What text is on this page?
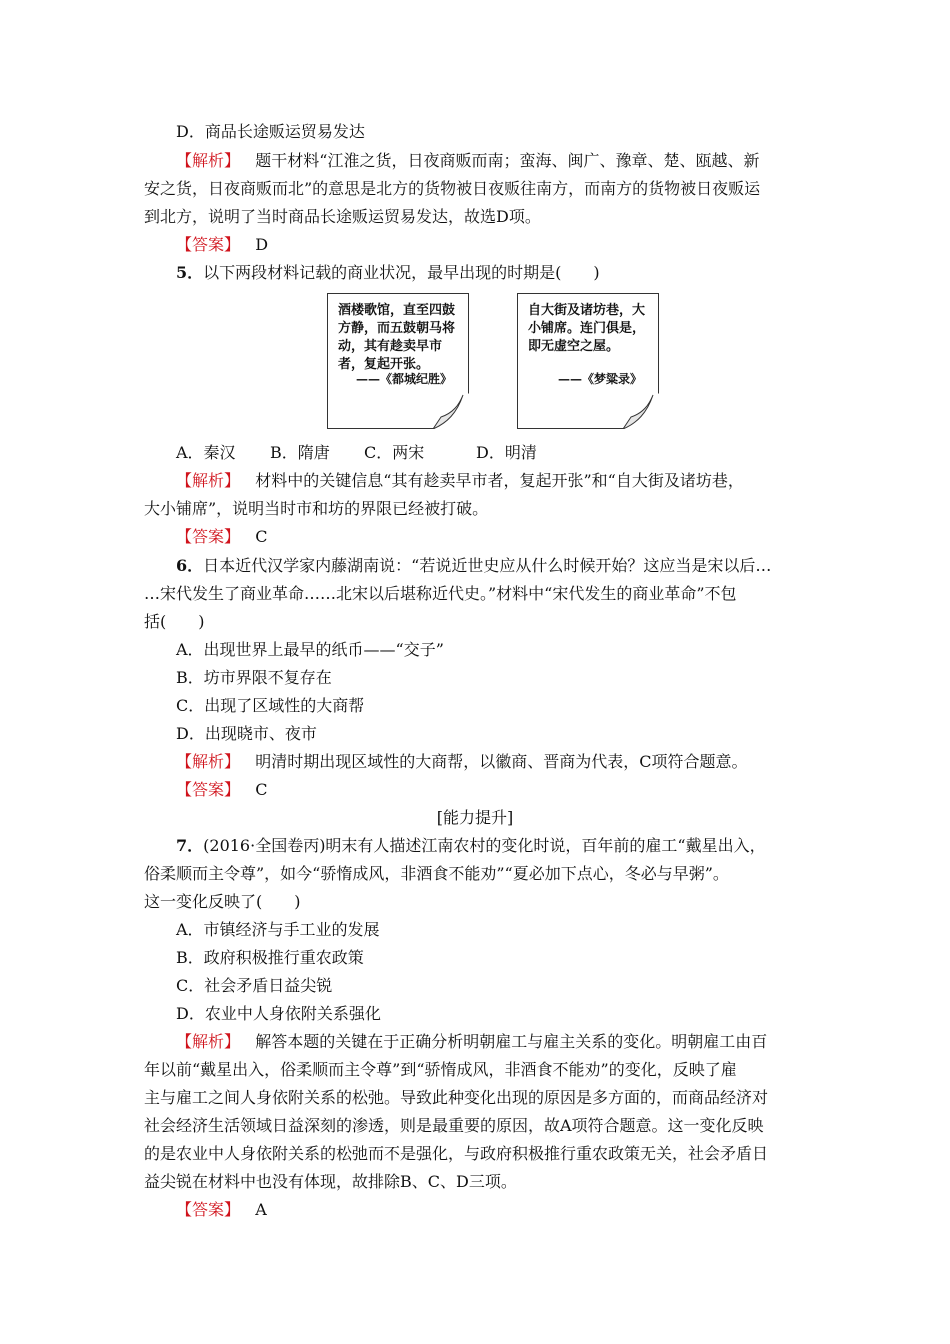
D．商品长途贩运贸易发达
【解析】 题干材料“江淮之货，日夜商贩而南；蛮海、闽广、豫章、楚、瓯越、新
安之货，日夜商贩而北”的意思是北方的货物被日夜贩往南方，而南方的货物被日夜贩运
到北方，说明了当时商品长途贩运贸易发达，故选D项。
【答案】 D
5．以下两段材料记载的商业状况，最早出现的时期是(　　)
酒楼歌馆，直至四鼓方静，而五鼓朝马将动，其有趁卖早市者，复起开张。
——《都城纪胜》
自大街及诸坊巷，大小铺席。连门俱是，即无虚空之屋。
——《梦粱录》
A．秦汉 B．隋唐 C．两宋	D．明清
【解析】 材料中的关键信息“其有趁卖早市者，复起开张”和“自大街及诸坊巷，
大小铺席”，说明当时市和坊的界限已经被打破。
【答案】 C
6．日本近代汉学家内藤湖南说：“若说近世史应从什么时候开始？这应当是宋以后…
…宋代发生了商业革命……北宋以后堪称近代史。”材料中“宋代发生的商业革命”不包
括(　　)
A．出现世界上最早的纸币——“交子”
B．坊市界限不复存在
C．出现了区域性的大商帮
D．出现晓市、夜市
【解析】 明清时期出现区域性的大商帮，以徽商、晋商为代表，C项符合题意。
【答案】 C
[能力提升]
7．(2016·全国卷丙)明末有人描述江南农村的变化时说，百年前的雇工“戴星出入，
俗柔顺而主令尊”，如今“骄惰成风，非酒食不能劝”“夏必加下点心，冬必与早粥”。
这一变化反映了(　　)
A．市镇经济与手工业的发展
B．政府积极推行重农政策
C．社会矛盾日益尖锐
D．农业中人身依附关系强化
【解析】 解答本题的关键在于正确分析明朝雇工与雇主关系的变化。明朝雇工由百
年以前“戴星出入，俗柔顺而主令尊”到“骄惰成风，非酒食不能劝”的变化，反映了雇
主与雇工之间人身依附关系的松弛。导致此种变化出现的原因是多方面的，而商品经济对
社会经济生活领域日益深刻的渗透，则是最重要的原因，故A项符合题意。这一变化反映
的是农业中人身依附关系的松弛而不是强化，与政府积极推行重农政策无关，社会矛盾日
益尖锐在材料中也没有体现，故排除B、C、D三项。
【答案】 A
